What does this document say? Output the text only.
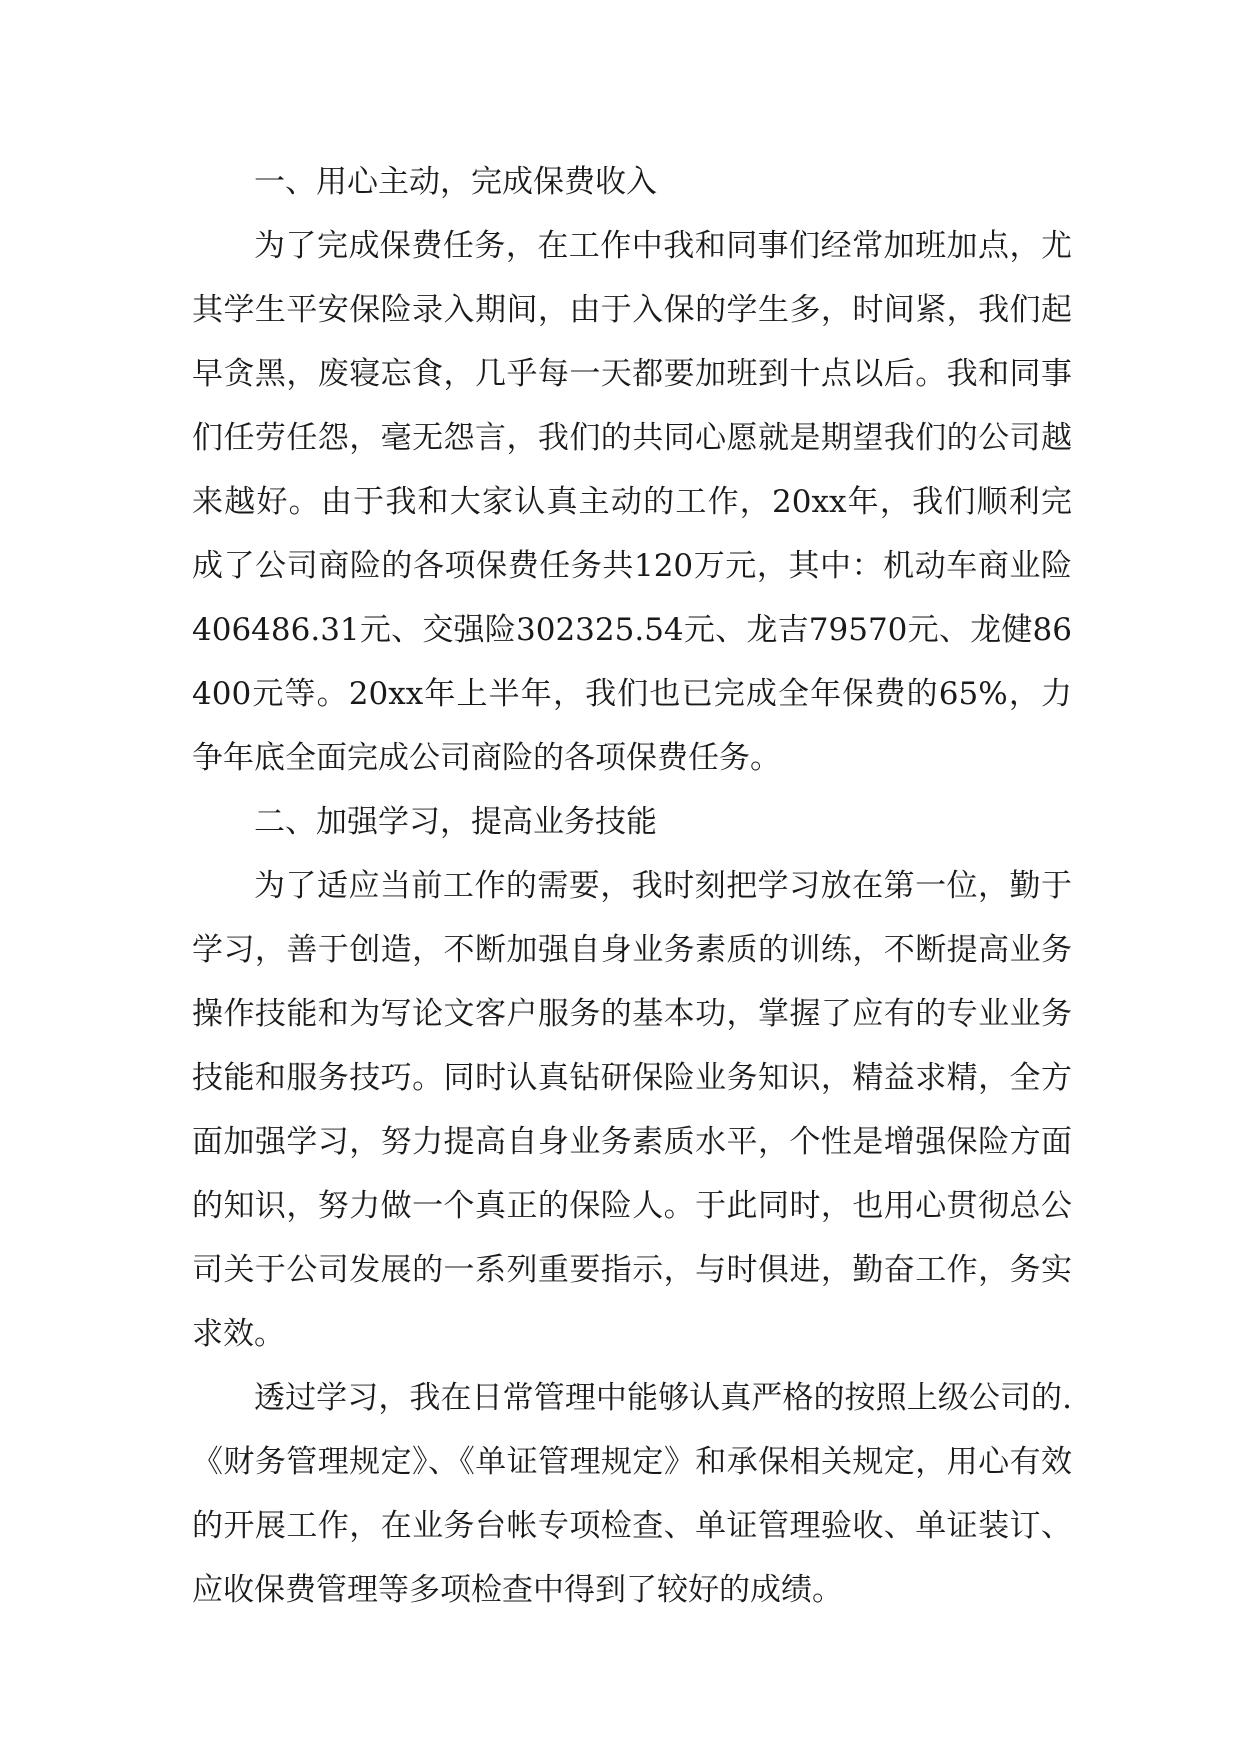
一、用心主动，完成保费收入

为了完成保费任务，在工作中我和同事们经常加班加点，尤其学生平安保险录入期间，由于入保的学生多，时间紧，我们起早贪黑，废寝忘食，几乎每一天都要加班到十点以后。我和同事们任劳任怨，毫无怨言，我们的共同心愿就是期望我们的公司越来越好。由于我和大家认真主动的工作，20xx年，我们顺利完成了公司商险的各项保费任务共120万元，其中：机动车商业险406486.31元、交强险302325.54元、龙吉79570元、龙健86400元等。20xx年上半年，我们也已完成全年保费的65%，力争年底全面完成公司商险的各项保费任务。

二、加强学习，提高业务技能

为了适应当前工作的需要，我时刻把学习放在第一位，勤于学习，善于创造，不断加强自身业务素质的训练，不断提高业务操作技能和为写论文客户服务的基本功，掌握了应有的专业业务技能和服务技巧。同时认真钻研保险业务知识，精益求精，全方面加强学习，努力提高自身业务素质水平，个性是增强保险方面的知识，努力做一个真正的保险人。于此同时，也用心贯彻总公司关于公司发展的一系列重要指示，与时俱进，勤奋工作，务实求效。

透过学习，我在日常管理中能够认真严格的按照上级公司的.《财务管理规定》、《单证管理规定》和承保相关规定，用心有效的开展工作，在业务台帐专项检查、单证管理验收、单证装订、应收保费管理等多项检查中得到了较好的成绩。
